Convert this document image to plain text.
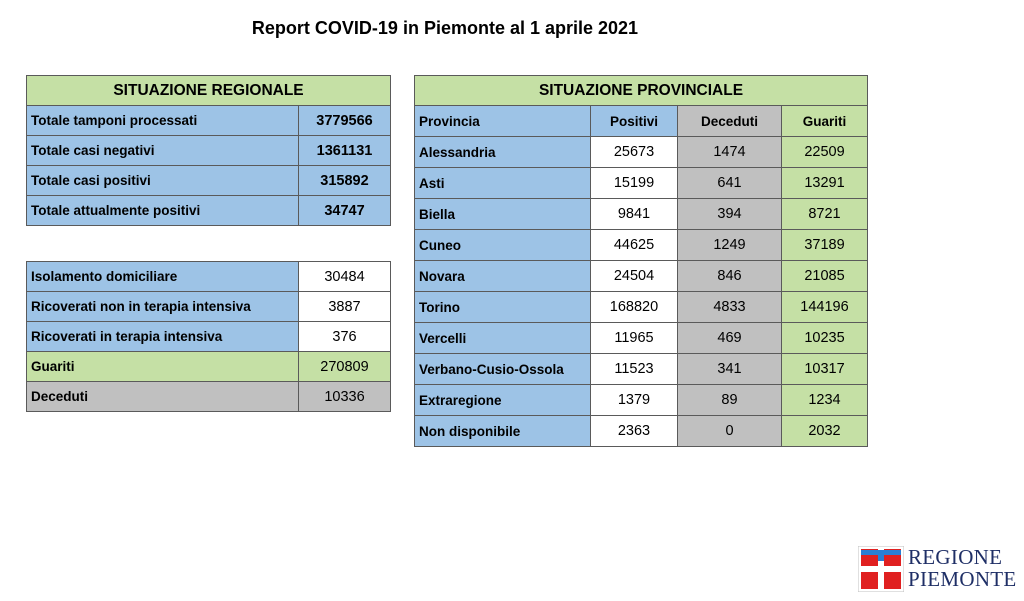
Report COVID-19 in Piemonte al 1 aprile 2021
SITUAZIONE REGIONALE	
Totale tamponi processati	3779566
Totale casi negativi	1361131
Totale casi positivi	315892
Totale attualmente positivi	34747
Isolamento domiciliare	30484
Ricoverati non in terapia intensiva	3887
Ricoverati in terapia intensiva	376
Guariti	270809
Deceduti	10336
SITUAZIONE PROVINCIALE			
Provincia	Positivi	Deceduti	Guariti
Alessandria	25673	1474	22509
Asti	15199	641	13291
Biella	9841	394	8721
Cuneo	44625	1249	37189
Novara	24504	846	21085
Torino	168820	4833	144196
Vercelli	11965	469	10235
Verbano-Cusio-Ossola	11523	341	10317
Extraregione	1379	89	1234
Non disponibile	2363	0	2032
REGIONE
PIEMONTE
